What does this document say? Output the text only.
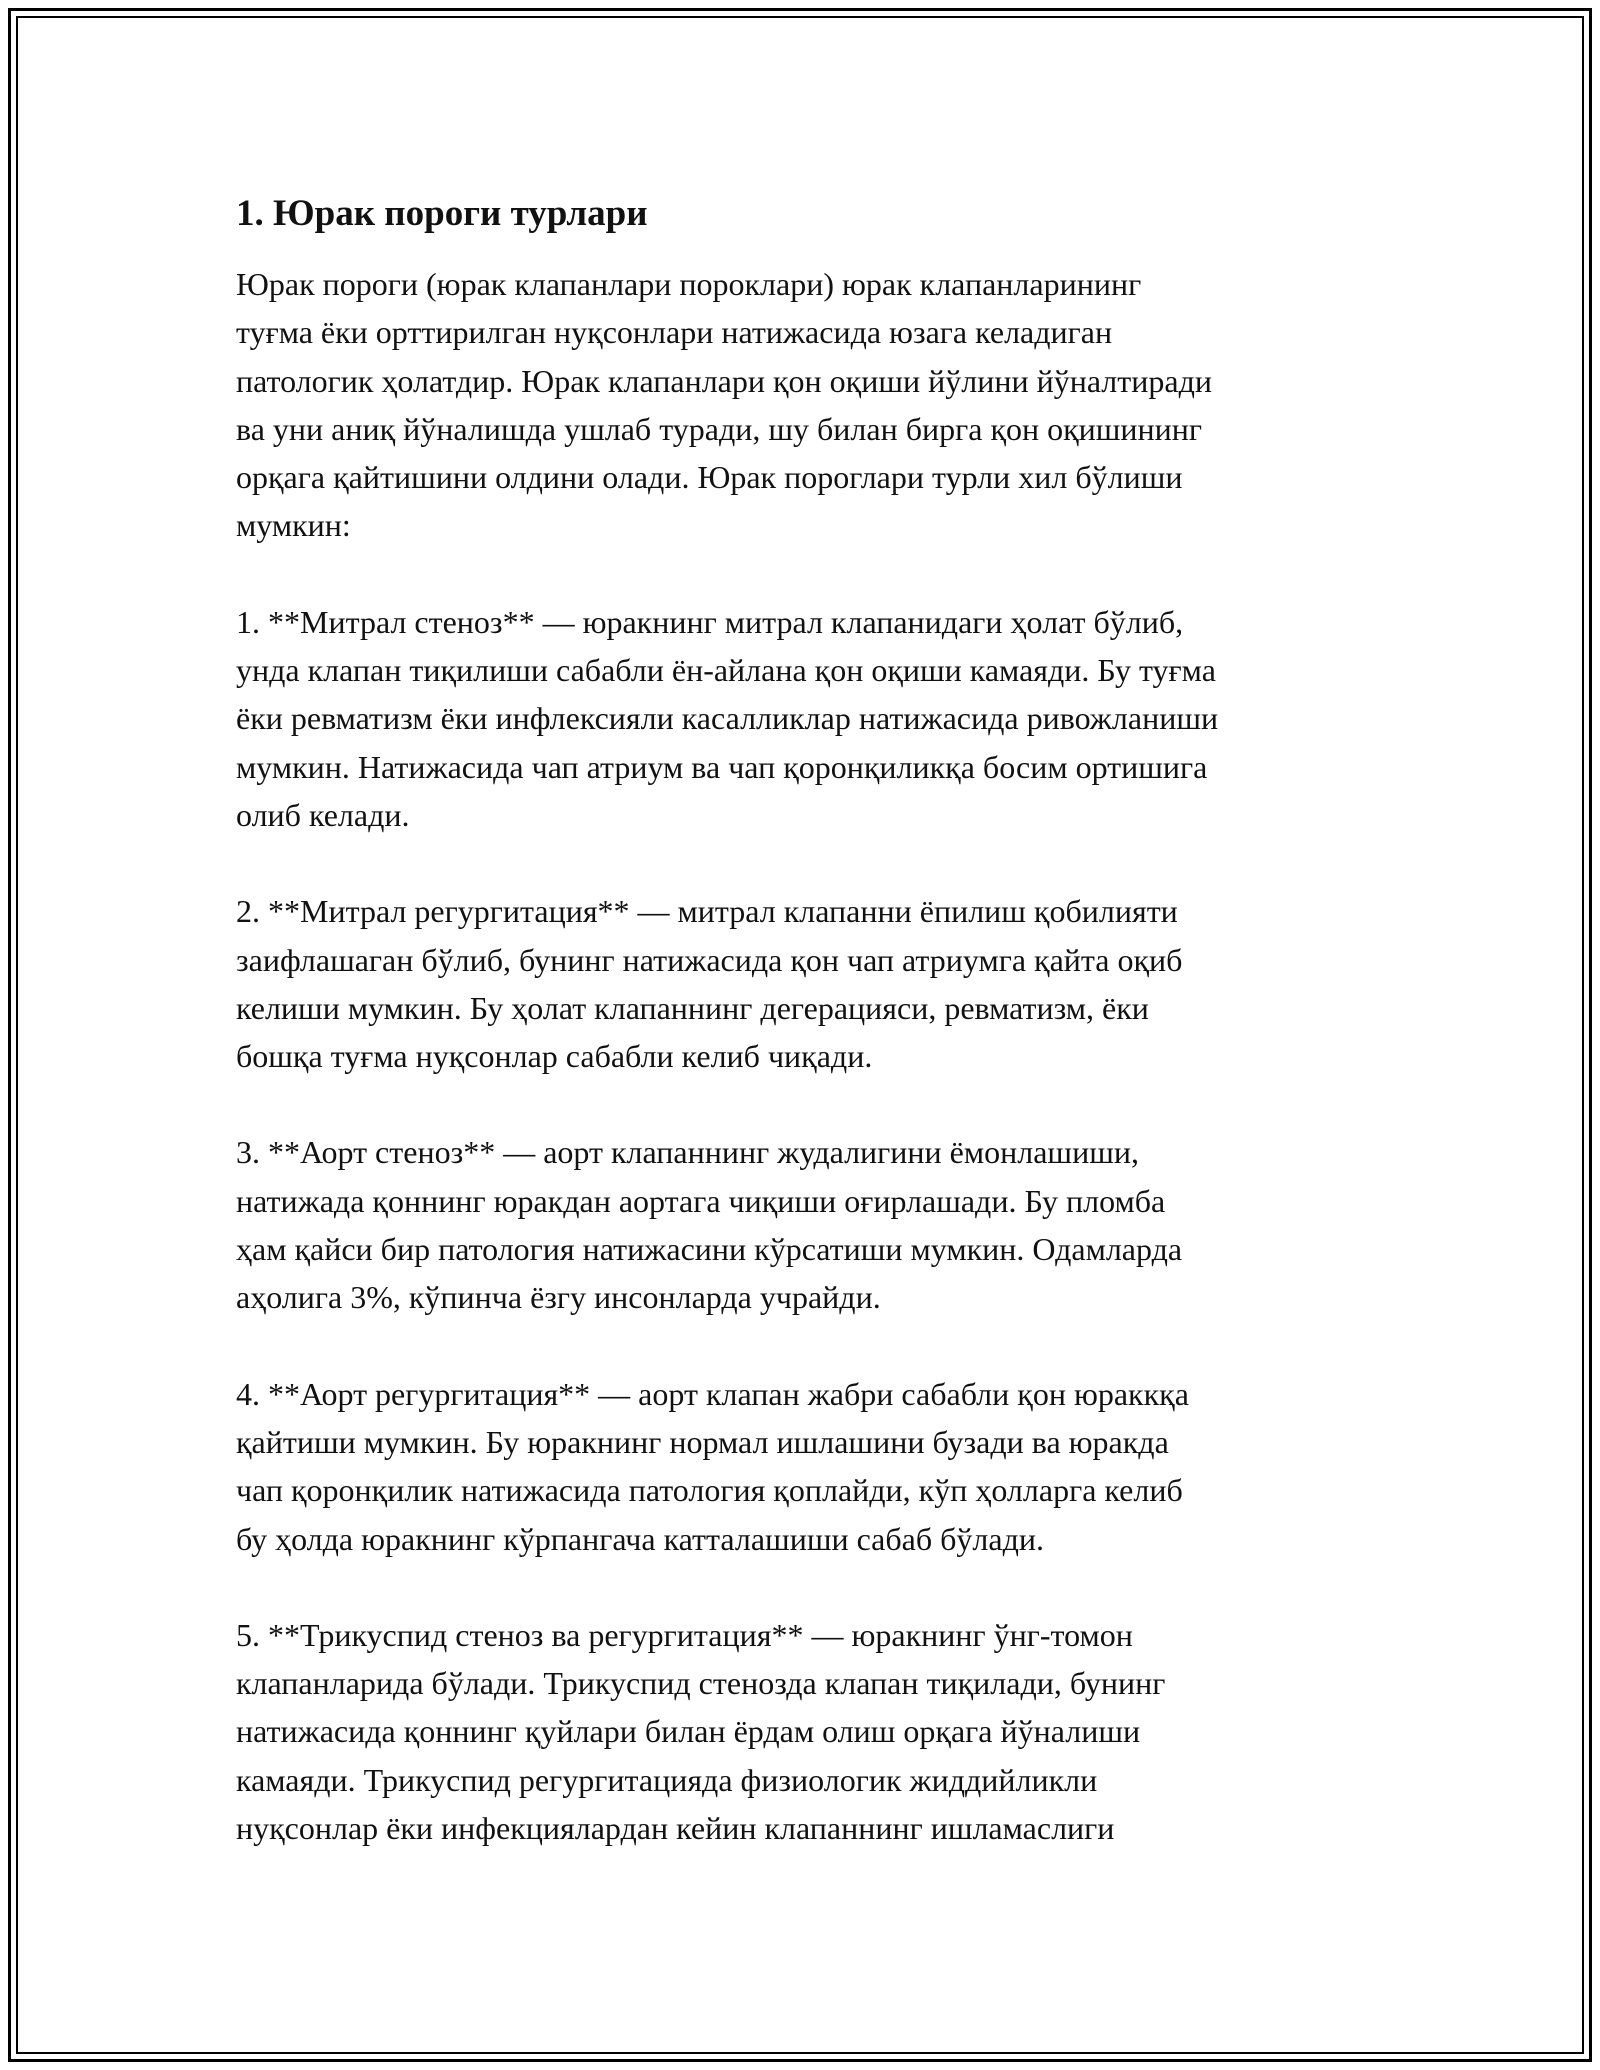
1. Юрак пороги турлари
Юрак пороги (юрак клапанлари пороклари) юрак клапанларининг
туғма ёки орттирилган нуқсонлари натижасида юзага келадиган
патологик ҳолатдир. Юрак клапанлари қон оқиши йўлини йўналтиради
ва уни аниқ йўналишда ушлаб туради, шу билан бирга қон оқишининг
орқага қайтишини олдини олади. Юрак пороглари турли хил бўлиши
мумкин:
1. **Митрал стеноз** — юракнинг митрал клапанидаги ҳолат бўлиб,
унда клапан тиқилиши сабабли ён-айлана қон оқиши камаяди. Бу туғма
ёки ревматизм ёки инфлексияли касалликлар натижасида ривожланиши
мумкин. Натижасида чап атриум ва чап қоронқиликқа босим ортишига
олиб келади.
2. **Митрал регургитация** — митрал клапанни ёпилиш қобилияти
заифлашаган бўлиб, бунинг натижасида қон чап атриумга қайта оқиб
келиши мумкин. Бу ҳолат клапаннинг дегерацияси, ревматизм, ёки
бошқа туғма нуқсонлар сабабли келиб чиқади.
3. **Аорт стеноз** — аорт клапаннинг жудалигини ёмонлашиши,
натижада қоннинг юракдан аортага чиқиши оғирлашади. Бу пломба
ҳам қайси бир патология натижасини кўрсатиши мумкин. Одамларда
аҳолига 3%, кўпинча ёзгу инсонларда учрайди.
4. **Аорт регургитация** — аорт клапан жабри сабабли қон юраккқа
қайтиши мумкин. Бу юракнинг нормал ишлашини бузади ва юракда
чап қоронқилик натижасида патология қоплайди, кўп ҳолларга келиб
бу ҳолда юракнинг кўрпангача катталашиши сабаб бўлади.
5. **Трикуспид стеноз ва регургитация** — юракнинг ўнг-томон
клапанларида бўлади. Трикуспид стенозда клапан тиқилади, бунинг
натижасида қоннинг қуйлари билан ёрдам олиш орқага йўналиши
камаяди. Трикуспид регургитацияда физиологик жиддийликли
нуқсонлар ёки инфекциялардан кейин клапаннинг ишламаслиги
